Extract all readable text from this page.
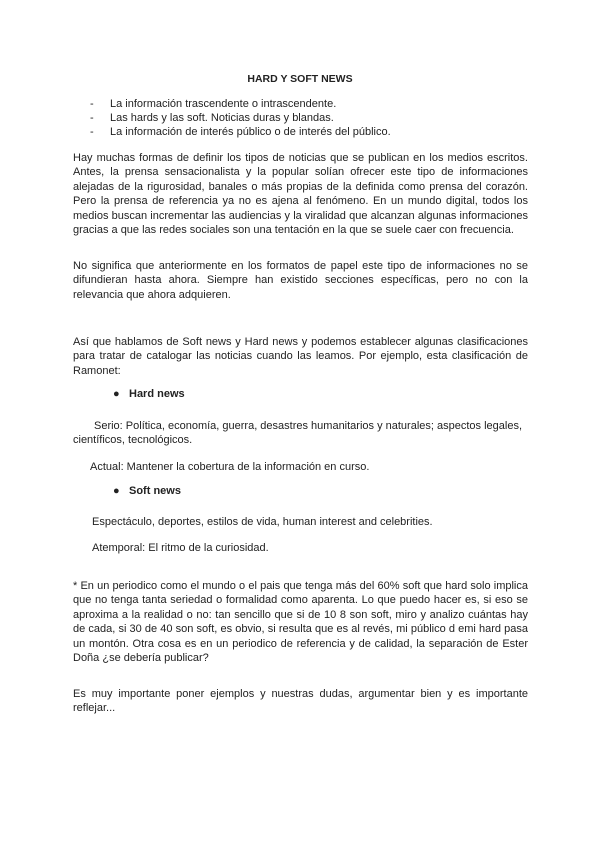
HARD Y SOFT NEWS
- La información trascendente o intrascendente.
- Las hards y las soft. Noticias duras y blandas.
- La información de interés público o de interés del público.
Hay muchas formas de definir los tipos de noticias que se publican en los medios escritos. Antes, la prensa sensacionalista y la popular solían ofrecer este tipo de informaciones alejadas de la rigurosidad, banales o más propias de la definida como prensa del corazón. Pero la prensa de referencia ya no es ajena al fenómeno. En un mundo digital, todos los medios buscan incrementar las audiencias y la viralidad que alcanzan algunas informaciones gracias a que las redes sociales son una tentación en la que se suele caer con frecuencia.
No significa que anteriormente en los formatos de papel este tipo de informaciones no se difundieran hasta ahora. Siempre han existido secciones específicas, pero no con la relevancia que ahora adquieren.
Así que hablamos de Soft news y Hard news y podemos establecer algunas clasificaciones para tratar de catalogar las noticias cuando las leamos. Por ejemplo, esta clasificación de Ramonet:
● Hard news
Serio: Política, economía, guerra, desastres humanitarios y naturales; aspectos legales, científicos, tecnológicos.
Actual: Mantener la cobertura de la información en curso.
● Soft news
Espectáculo, deportes, estilos de vida, human interest and celebrities.
Atemporal: El ritmo de la curiosidad.
* En un periodico como el mundo o el pais que tenga más del 60% soft que hard solo implica que no tenga tanta seriedad o formalidad como aparenta. Lo que puedo hacer es, si eso se aproxima a la realidad o no: tan sencillo que si de 10 8 son soft, miro y analizo cuántas hay de cada, si 30 de 40 son soft, es obvio, si resulta que es al revés, mi público d emi hard pasa un montón. Otra cosa es en un periodico de referencia y de calidad, la separación de Ester Doña ¿se debería publicar?
Es muy importante poner ejemplos y nuestras dudas, argumentar bien y es importante reflejar...
